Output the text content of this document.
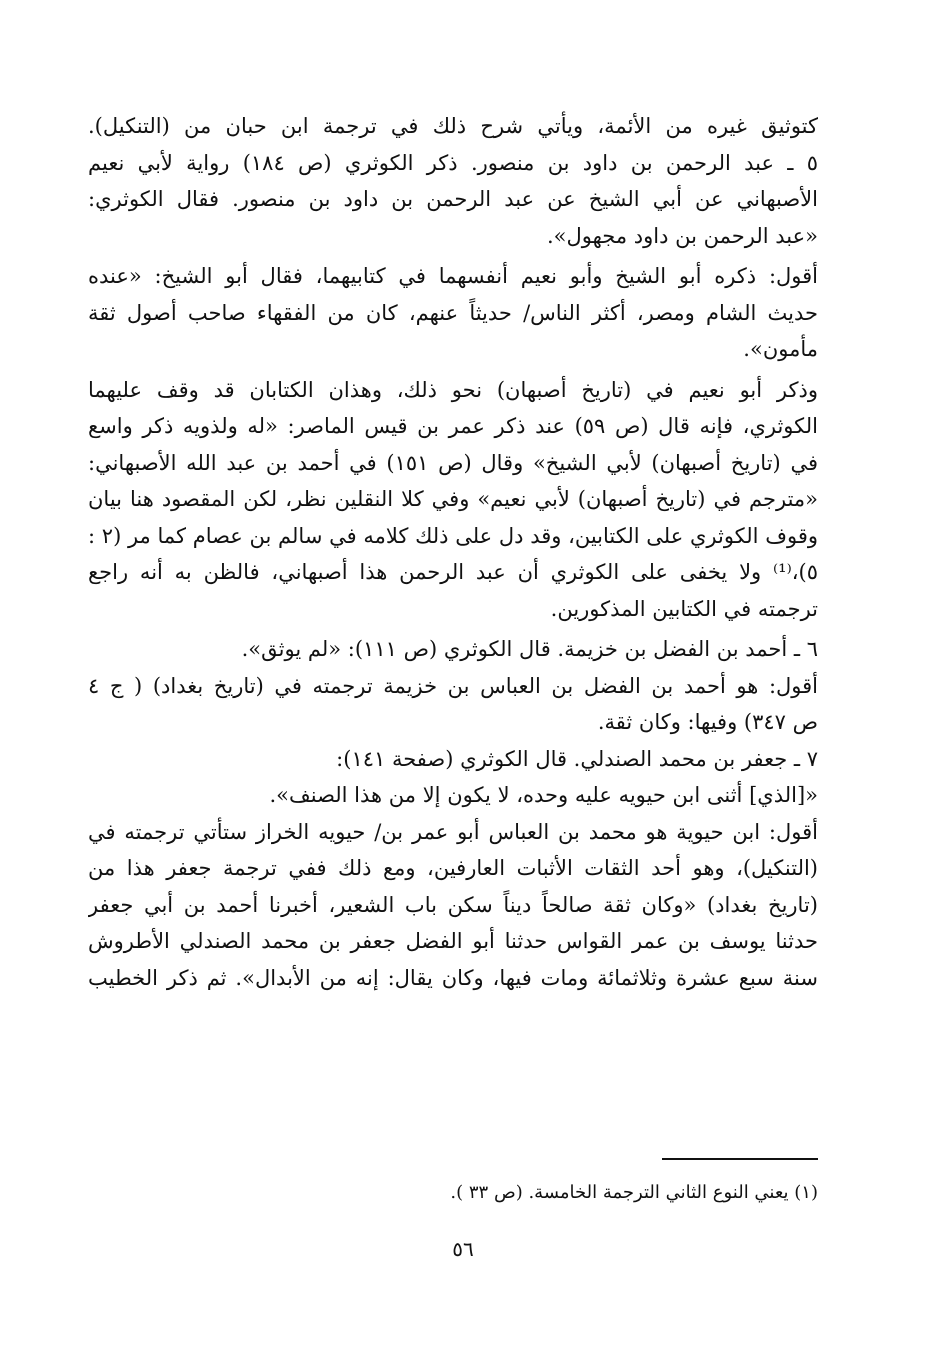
كتوثيق غيره من الأئمة، ويأتي شرح ذلك في ترجمة ابن حبان من (التنكيل).
٥ ـ عبد الرحمن بن داود بن منصور. ذكر الكوثري (ص ١٨٤) رواية لأبي نعيم
الأصبهاني عن أبي الشيخ عن عبد الرحمن بن داود بن منصور. فقال الكوثري:
«عبد الرحمن بن داود مجهول».
أقول: ذكره أبو الشيخ وأبو نعيم أنفسهما في كتابيهما، فقال أبو الشيخ: «عنده
حديث الشام ومصر، أكثر الناس/ حديثاً عنهم، كان من الفقهاء صاحب أصول ثقة
مأمون».
وذكر أبو نعيم في (تاريخ أصبهان) نحو ذلك، وهذان الكتابان قد وقف عليهما
الكوثري، فإنه قال (ص ٥٩) عند ذكر عمر بن قيس الماصر: «له ولذويه ذكر واسع
في (تاريخ أصبهان) لأبي الشيخ» وقال (ص ١٥١) في أحمد بن عبد الله الأصبهاني:
«مترجم في (تاريخ أصبهان) لأبي نعيم» وفي كلا النقلين نظر، لكن المقصود هنا بيان
وقوف الكوثري على الكتابين، وقد دل على ذلك كلامه في سالم بن عصام كما مر (٢ :
٥)،⁽¹⁾ ولا يخفى على الكوثري أن عبد الرحمن هذا أصبهاني، فالظن به أنه راجع
ترجمته في الكتابين المذكورين.
٦ ـ أحمد بن الفضل بن خزيمة. قال الكوثري (ص ١١١): «لم يوثق».
أقول: هو أحمد بن الفضل بن العباس بن خزيمة ترجمته في (تاريخ بغداد) ( ج ٤
ص ٣٤٧) وفيها: وكان ثقة.
٧ ـ جعفر بن محمد الصندلي. قال الكوثري (صفحة ١٤١):
«[الذي] أثنى ابن حيويه عليه وحده، لا يكون إلا من هذا الصنف».
أقول: ابن حيوية هو محمد بن العباس أبو عمر بن/ حيويه الخراز ستأتي ترجمته في
(التنكيل)، وهو أحد الثقات الأثبات العارفين، ومع ذلك ففي ترجمة جعفر هذا من
(تاريخ بغداد) «وكان ثقة صالحاً ديناً سكن باب الشعير، أخبرنا أحمد بن أبي جعفر
حدثنا يوسف بن عمر القواس حدثنا أبو الفضل جعفر بن محمد الصندلي الأطروش
سنة سبع عشرة وثلاثمائة ومات فيها، وكان يقال: إنه من الأبدال». ثم ذكر الخطيب
(١) يعني النوع الثاني الترجمة الخامسة. (ص ٣٣ ).
٥٦
